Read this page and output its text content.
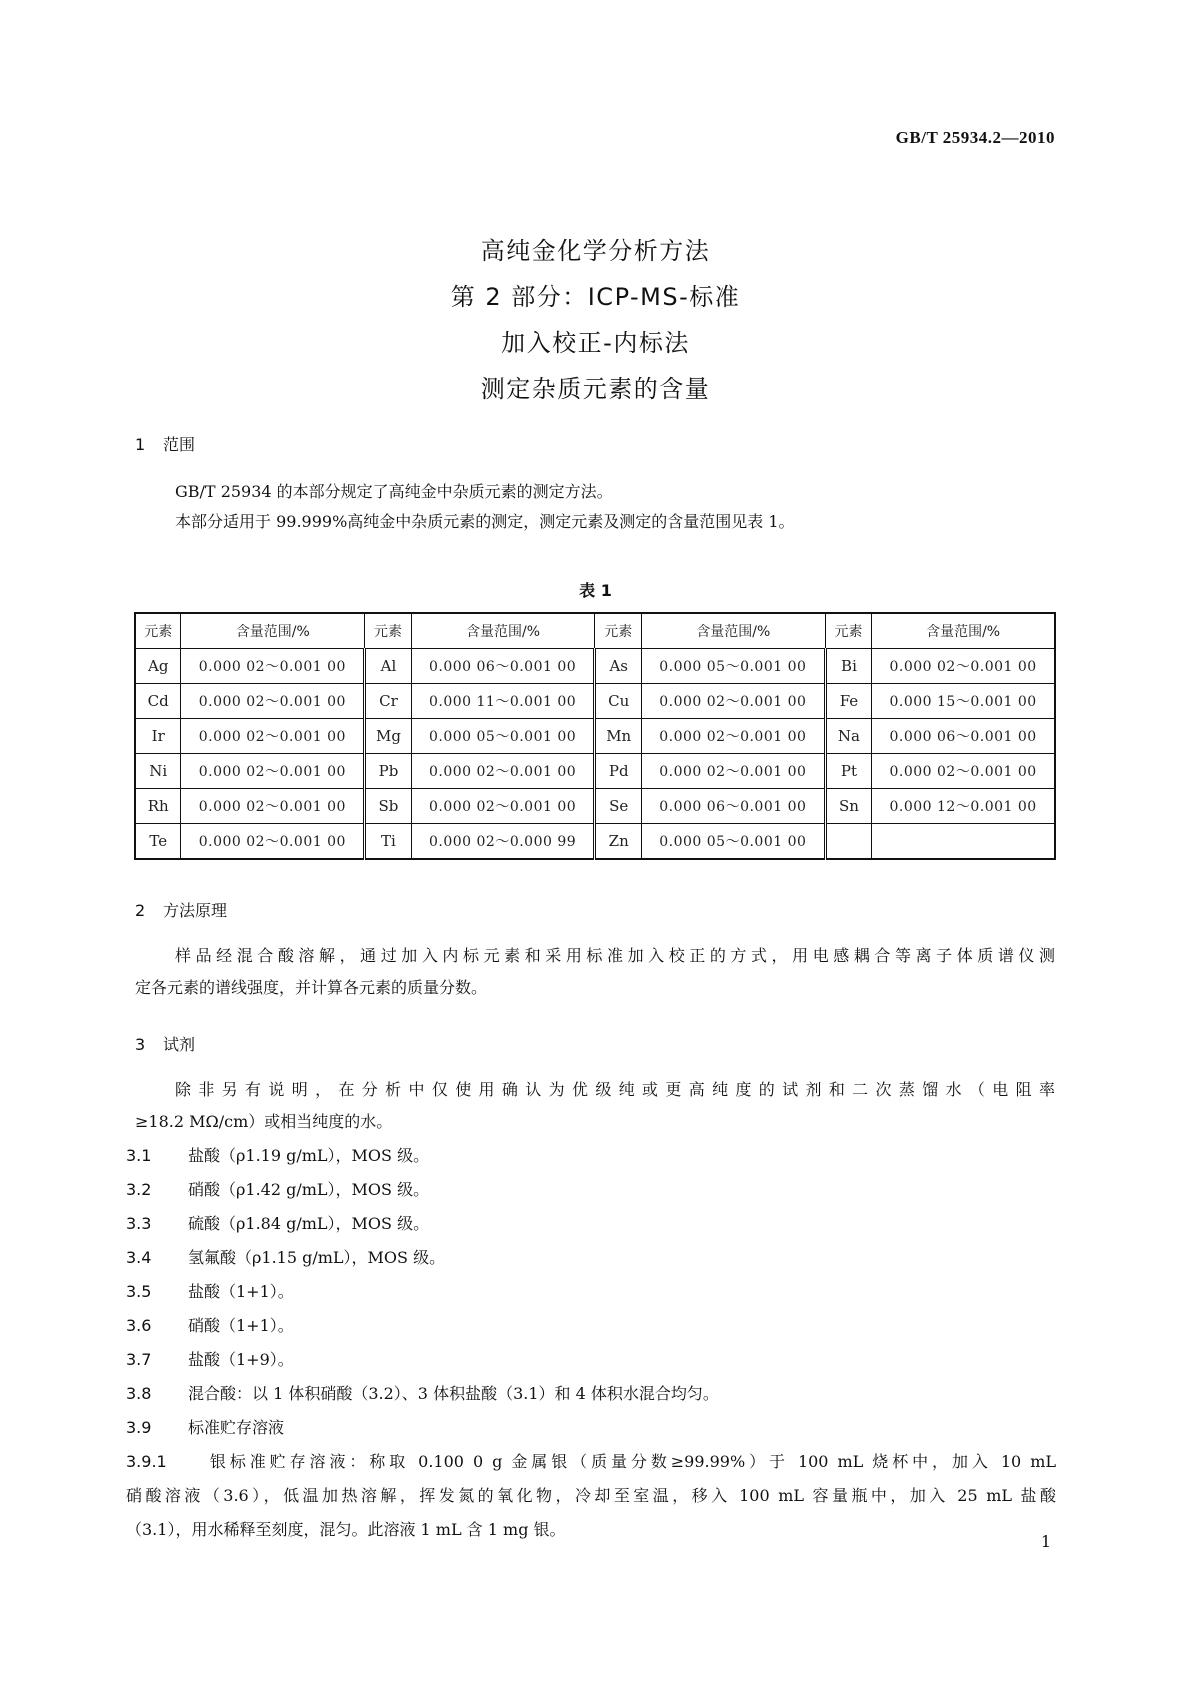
GB/T 25934.2—2010
高纯金化学分析方法
第 2 部分：ICP-MS-标准
加入校正-内标法
测定杂质元素的含量
1 范围
GB/T 25934 的本部分规定了高纯金中杂质元素的测定方法。
本部分适用于 99.999%高纯金中杂质元素的测定，测定元素及测定的含量范围见表 1。
表 1
元素	含量范围/%	元素	含量范围/%	元素	含量范围/%	元素	含量范围/%
Ag	0.000 02～0.001 00	Al	0.000 06～0.001 00	As	0.000 05～0.001 00	Bi	0.000 02～0.001 00
Cd	0.000 02～0.001 00	Cr	0.000 11～0.001 00	Cu	0.000 02～0.001 00	Fe	0.000 15～0.001 00
Ir	0.000 02～0.001 00	Mg	0.000 05～0.001 00	Mn	0.000 02～0.001 00	Na	0.000 06～0.001 00
Ni	0.000 02～0.001 00	Pb	0.000 02～0.001 00	Pd	0.000 02～0.001 00	Pt	0.000 02～0.001 00
Rh	0.000 02～0.001 00	Sb	0.000 02～0.001 00	Se	0.000 06～0.001 00	Sn	0.000 12～0.001 00
Te	0.000 02～0.001 00	Ti	0.000 02～0.000 99	Zn	0.000 05～0.001 00		
2 方法原理
样品经混合酸溶解，通过加入内标元素和采用标准加入校正的方式，用电感耦合等离子体质谱仪测
定各元素的谱线强度，并计算各元素的质量分数。
3 试剂
除非另有说明，在分析中仅使用确认为优级纯或更高纯度的试剂和二次蒸馏水（电阻率
≥18.2 MΩ/cm）或相当纯度的水。
3.1 盐酸（ρ1.19 g/mL），MOS 级。
3.2 硝酸（ρ1.42 g/mL），MOS 级。
3.3 硫酸（ρ1.84 g/mL），MOS 级。
3.4 氢氟酸（ρ1.15 g/mL），MOS 级。
3.5 盐酸（1+1）。
3.6 硝酸（1+1）。
3.7 盐酸（1+9）。
3.8 混合酸：以 1 体积硝酸（3.2）、3 体积盐酸（3.1）和 4 体积水混合均匀。
3.9 标准贮存溶液
3.9.1 银标准贮存溶液：称取 0.100 0 g 金属银（质量分数≥99.99%）于 100 mL 烧杯中，加入 10 mL
硝酸溶液（3.6），低温加热溶解，挥发氮的氧化物，冷却至室温，移入 100 mL 容量瓶中，加入 25 mL 盐酸
（3.1），用水稀释至刻度，混匀。此溶液 1 mL 含 1 mg 银。
1
